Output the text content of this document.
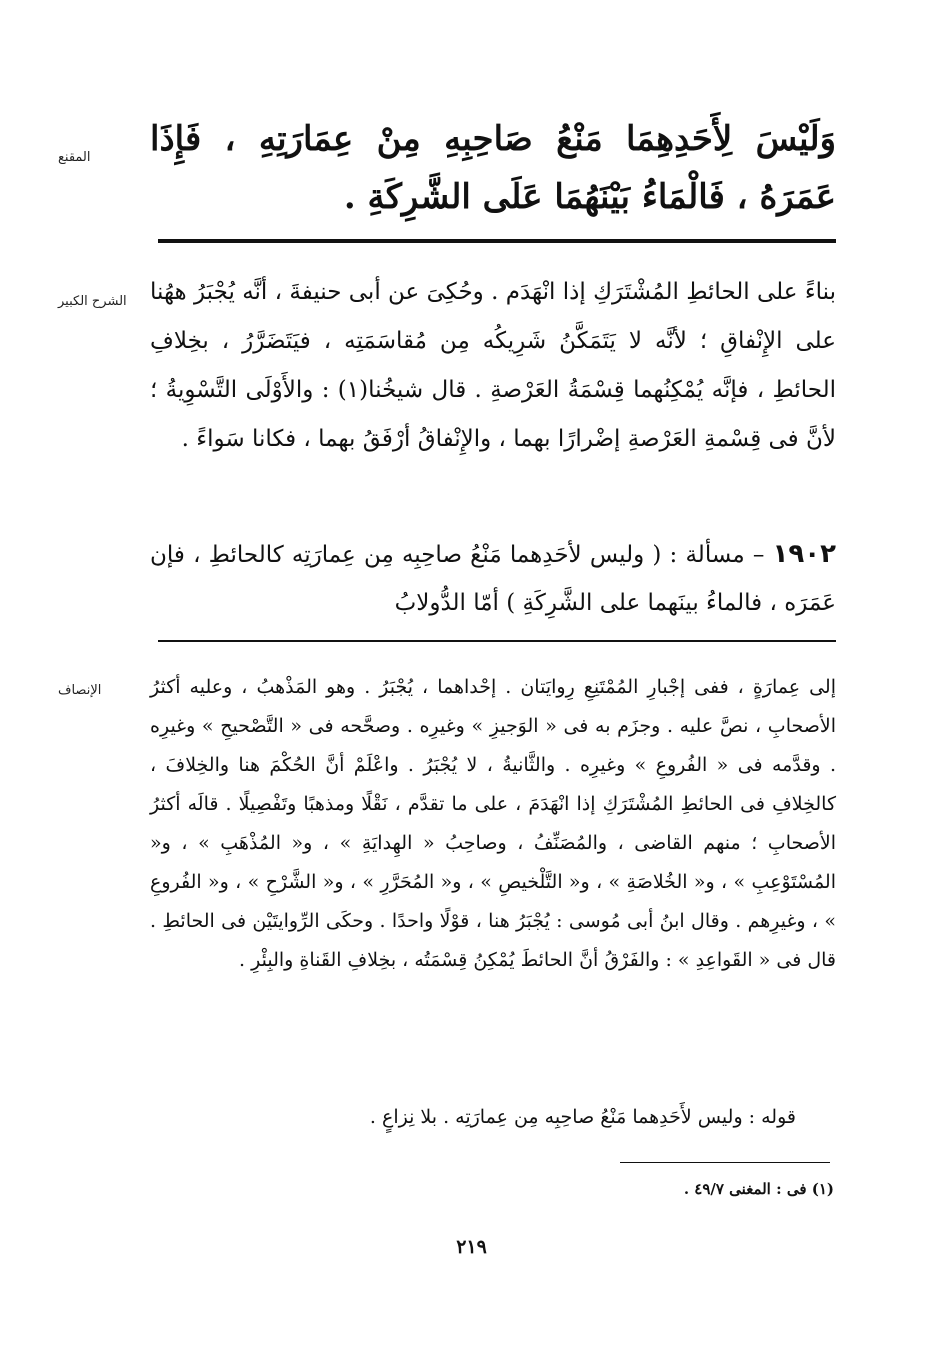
المقنع	وَلَيْسَ لِأَحَدِهِمَا مَنْعُ صَاحِبِهِ مِنْ عِمَارَتِهِ ، فَإِذَا عَمَرَهُ ، فَالْمَاءُ بَيْنَهُمَا عَلَى الشَّرِكَةِ .
الشرح الكبير	بناءً على الحائطِ المُشْتَرَكِ إذا انْهَدَم . وحُكِىَ عن أبى حنيفةَ ، أنَّه يُجْبَرُ ههُنا على الإِنْفاقِ ؛ لأنَّه لا يَتَمَكَّنُ شَرِيكُه مِن مُقاسَمَتِه ، فيَتَضَرَّرُ ، بخِلافِ الحائطِ ، فإنَّه يُمْكِنُهما قِسْمَةُ العَرْصةِ . قال شيخُنا(١) : والأَوْلَى التَّسْوِيةُ ؛ لأنَّ فى قِسْمةِ العَرْصةِ إضْرارًا بهما ، والإِنْفاقُ أرْفَقُ بهما ، فكانا سَواءً .
١٩٠٢ – مسألة : ( وليس لأحَدِهما مَنْعُ صاحِبِه مِن عِمارَتِه كالحائطِ ، فإن عَمَرَه ، فالماءُ بينَهما على الشَّرِكَةِ ) أمّا الدُّولابُ
الإنصاف	إلى عِمارَةٍ ، ففى إجْبارِ المُمْتَنِعِ رِوايَتان . إحْداهما ، يُجْبَرُ . وهو المَذْهبُ ، وعليه أكثرُ الأصحابِ ، نصَّ عليه . وجزَم به فى « الوَجيزِ » وغيرِه . وصحَّحه فى « التَّصْحيحِ » وغيرِه . وقدَّمه فى « الفُروعِ » وغيرِه . والثَّانيةُ ، لا يُجْبَرُ . واعْلَمْ أنَّ الحُكْمَ هنا والخِلافَ ، كالخِلافِ فى الحائطِ المُشْتَرَكِ إذا انْهَدَمَ ، على ما تقدَّم ، نَقْلًا ومذهبًا وتَفْصِيلًا . قالَه أكثرُ الأصحابِ ؛ منهم القاضى ، والمُصَنِّفُ ، وصاحِبُ « الهِدايَةِ » ، و« المُذْهَبِ » ، و« المُسْتَوْعِبِ » ، و« الخُلاصَةِ » ، و« التَّلْخيصِ » ، و« المُحَرَّرِ » ، و« الشَّرْحِ » ، و« الفُروعِ » ، وغيرِهم . وقال ابنُ أبى مُوسى : يُجْبَرُ هنا ، قوْلًا واحدًا . وحكَى الرِّوايتَيْن فى الحائطِ . قال فى « القَواعِدِ » : والفَرْقُ أنَّ الحائطَ يُمْكِنُ قِسْمَتُه ، بخِلافِ القَناةِ والبِئْرِ .
قوله : وليس لأَحَدِهما مَنْعُ صاحِبِه مِن عِمارَتِه . بلا نِزاعٍ .
(١) فى : المغنى ٤٩/٧ .
٢١٩
